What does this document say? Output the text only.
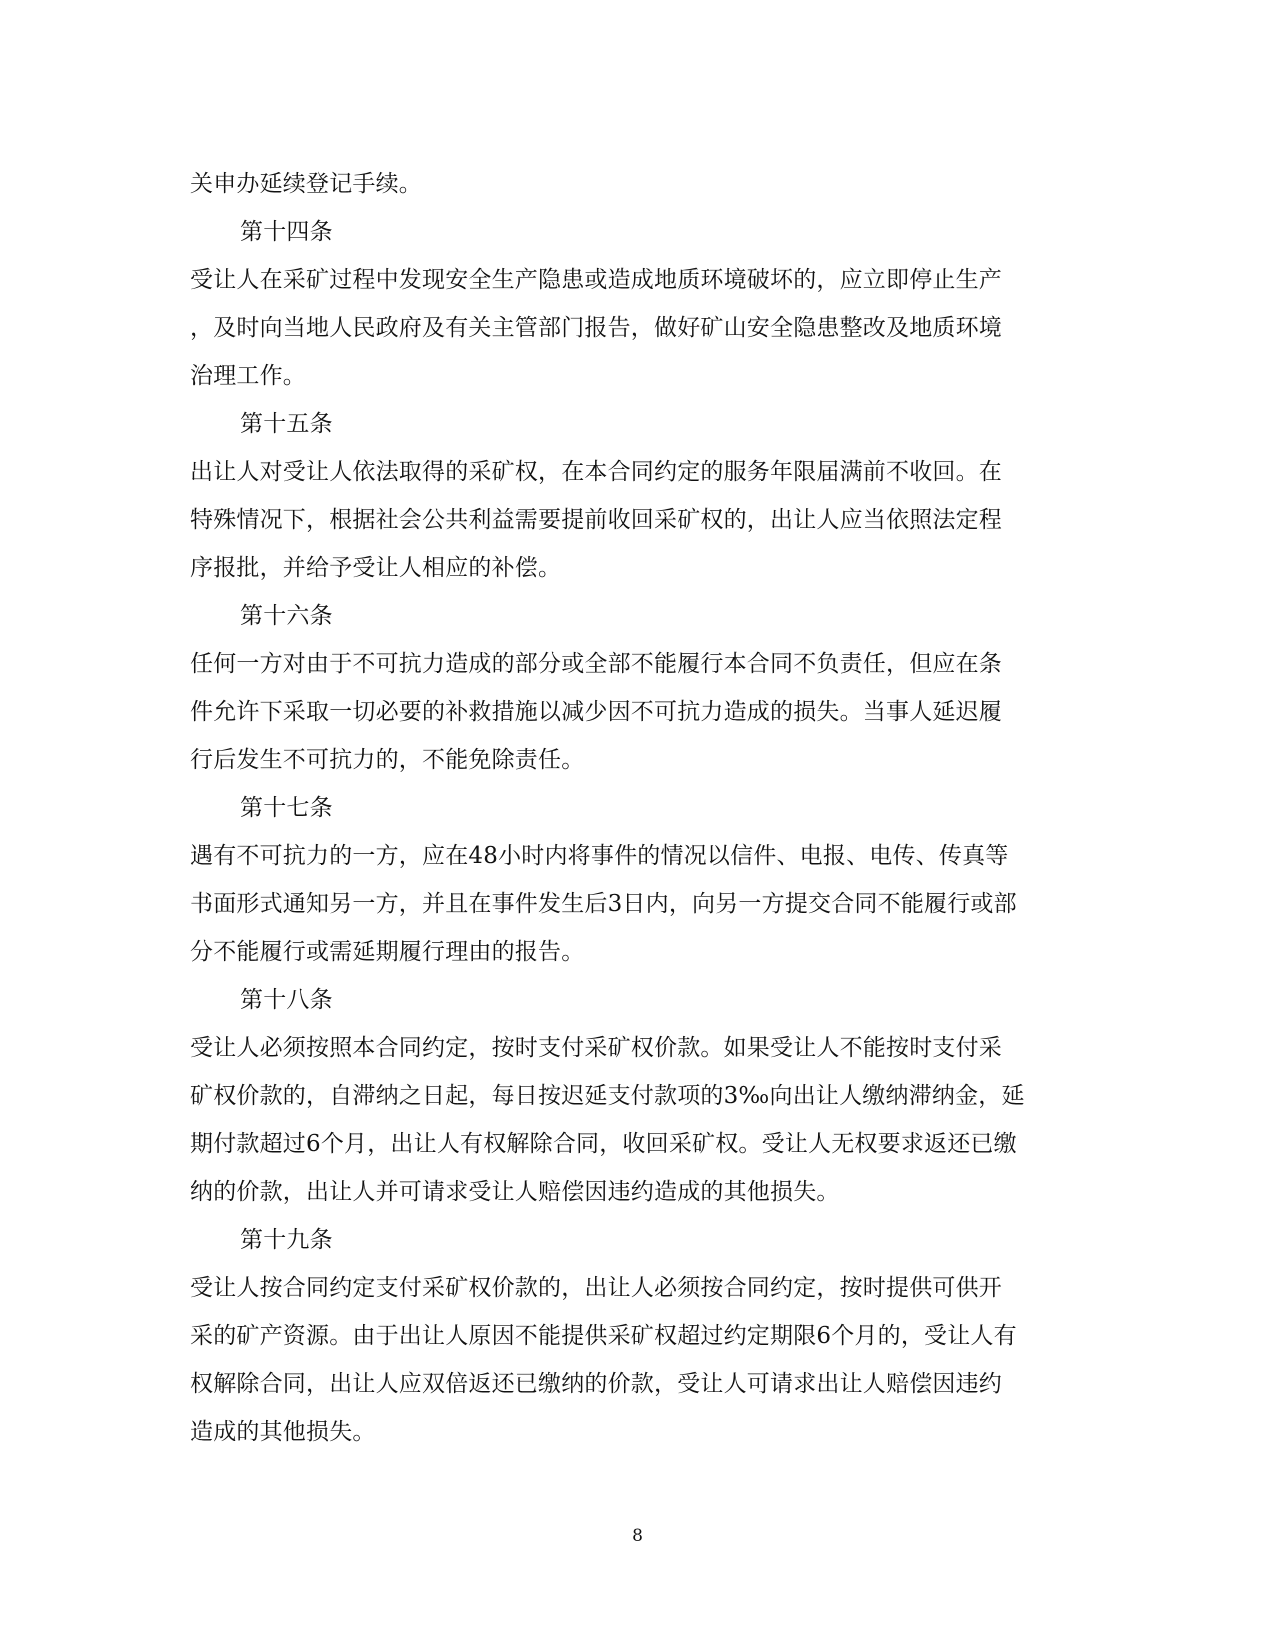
关申办延续登记手续。
第十四条
受让人在采矿过程中发现安全生产隐患或造成地质环境破坏的，应立即停止生产
，及时向当地人民政府及有关主管部门报告，做好矿山安全隐患整改及地质环境
治理工作。
第十五条
出让人对受让人依法取得的采矿权，在本合同约定的服务年限届满前不收回。在
特殊情况下，根据社会公共利益需要提前收回采矿权的，出让人应当依照法定程
序报批，并给予受让人相应的补偿。
第十六条
任何一方对由于不可抗力造成的部分或全部不能履行本合同不负责任，但应在条
件允许下采取一切必要的补救措施以减少因不可抗力造成的损失。当事人延迟履
行后发生不可抗力的，不能免除责任。
第十七条
遇有不可抗力的一方，应在48小时内将事件的情况以信件、电报、电传、传真等
书面形式通知另一方，并且在事件发生后3日内，向另一方提交合同不能履行或部
分不能履行或需延期履行理由的报告。
第十八条
受让人必须按照本合同约定，按时支付采矿权价款。如果受让人不能按时支付采
矿权价款的，自滞纳之日起，每日按迟延支付款项的3‰向出让人缴纳滞纳金，延
期付款超过6个月，出让人有权解除合同，收回采矿权。受让人无权要求返还已缴
纳的价款，出让人并可请求受让人赔偿因违约造成的其他损失。
第十九条
受让人按合同约定支付采矿权价款的，出让人必须按合同约定，按时提供可供开
采的矿产资源。由于出让人原因不能提供采矿权超过约定期限6个月的，受让人有
权解除合同，出让人应双倍返还已缴纳的价款，受让人可请求出让人赔偿因违约
造成的其他损失。
8
